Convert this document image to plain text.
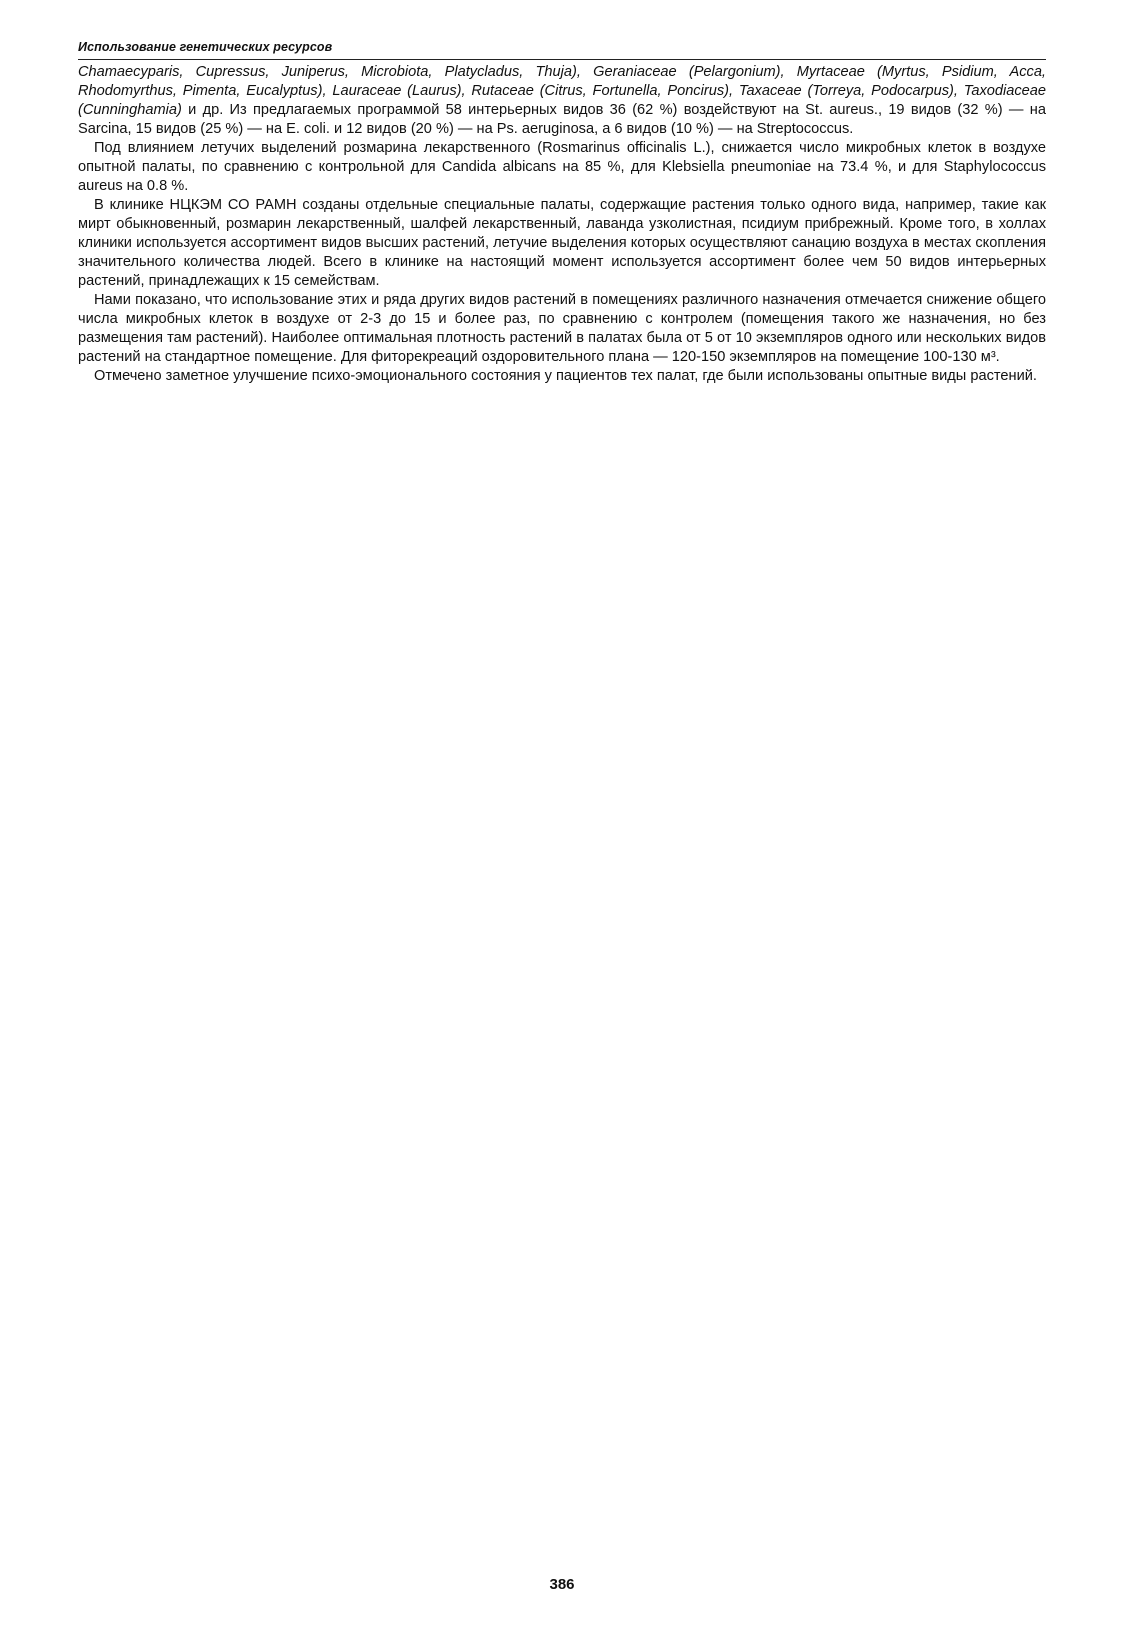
Использование генетических ресурсов

Chamaecyparis, Cupressus, Juniperus, Microbiota, Platycladus, Thuja), Geraniaceae (Pelargonium), Myrtaceae (Myrtus, Psidium, Acca, Rhodomyrthus, Pimenta, Eucalyptus), Lauraceae (Laurus), Rutaceae (Citrus, Fortunella, Poncirus), Taxaceae (Torreya, Podocarpus), Taxodiaceae (Cunninghamia) и др. Из предлагаемых программой 58 интерьерных видов 36 (62 %) воздействуют на St. aureus., 19 видов (32 %) — на Sarcina, 15 видов (25 %) — на E. coli. и 12 видов (20 %) — на Ps. aeruginosa, а 6 видов (10 %) — на Streptococcus.

Под влиянием летучих выделений розмарина лекарственного (Rosmarinus officinalis L.), снижается число микробных клеток в воздухе опытной палаты, по сравнению с контрольной для Candida albicans на 85 %, для Klebsiella pneumoniae на 73.4 %, и для Staphylococcus aureus на 0.8 %.

В клинике НЦКЭМ СО РАМН созданы отдельные специальные палаты, содержащие растения только одного вида, например, такие как мирт обыкновенный, розмарин лекарственный, шалфей лекарственный, лаванда узколистная, псидиум прибрежный. Кроме того, в холлах клиники используется ассортимент видов высших растений, летучие выделения которых осуществляют санацию воздуха в местах скопления значительного количества людей. Всего в клинике на настоящий момент используется ассортимент более чем 50 видов интерьерных растений, принадлежащих к 15 семействам.

Нами показано, что использование этих и ряда других видов растений в помещениях различного назначения отмечается снижение общего числа микробных клеток в воздухе от 2-3 до 15 и более раз, по сравнению с контролем (помещения такого же назначения, но без размещения там растений). Наиболее оптимальная плотность растений в палатах была от 5 от 10 экземпляров одного или нескольких видов растений на стандартное помещение. Для фиторекреаций оздоровительного плана — 120-150 экземпляров на помещение 100-130 м³.

Отмечено заметное улучшение психо-эмоционального состояния у пациентов тех палат, где были использованы опытные виды растений.

386
